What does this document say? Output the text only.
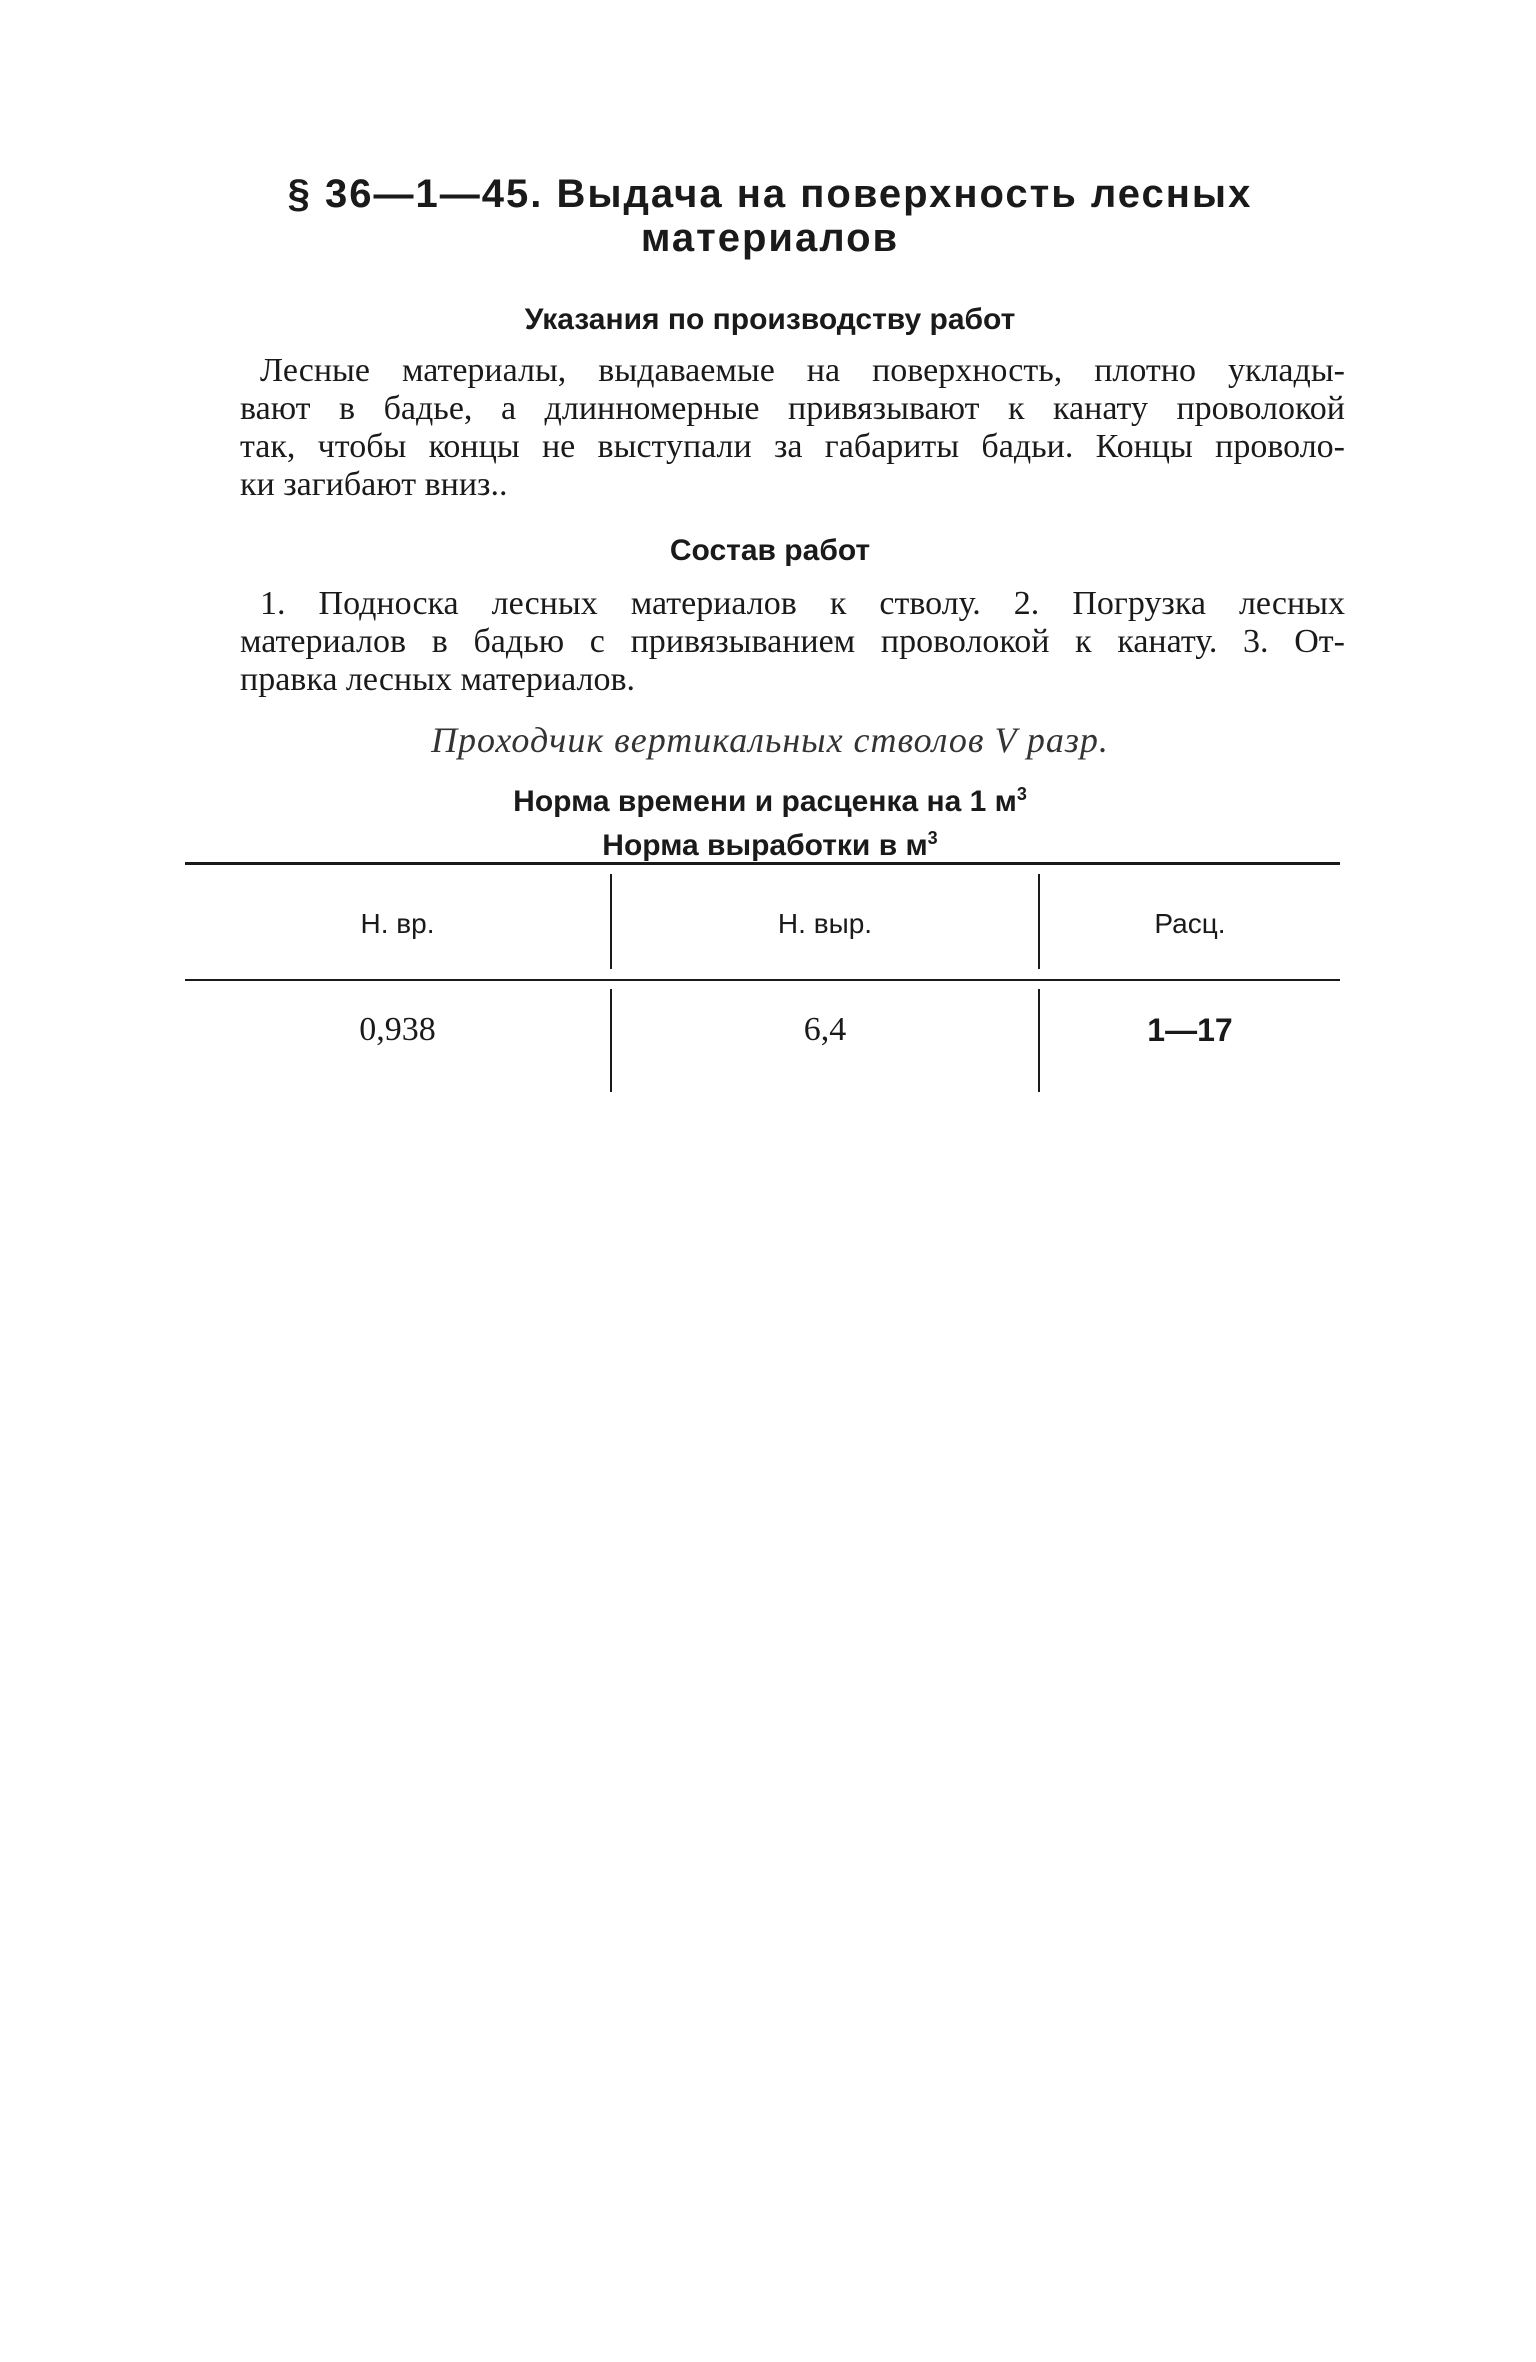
§ 36—1—45. Выдача на поверхность лесных
материалов
Указания по производству работ
Лесные материалы, выдаваемые на поверхность, плотно уклады-
вают в бадье, а длинномерные привязывают к канату проволокой
так, чтобы концы не выступали за габариты бадьи. Концы проволо-
ки загибают вниз..
Состав работ
1. Подноска лесных материалов к стволу. 2. Погрузка лесных
материалов в бадью с привязыванием проволокой к канату. 3. От-
правка лесных материалов.

Проходчик вертикальных стволов V разр.

Норма времени и расценка на 1 $м^3$
Норма выработки в $м^3$
Н. вр.	Н. выр.	Расц.
0,938	6,4	1—17
